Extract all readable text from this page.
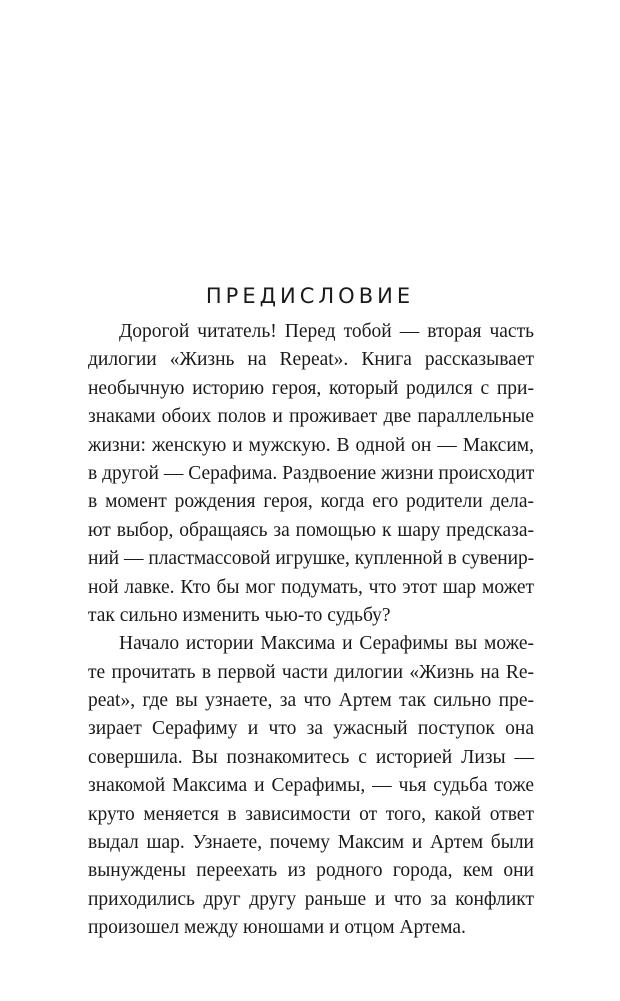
ПРЕДИСЛОВИЕ

Дорогой читатель! Перед тобой — вторая часть
дилогии «Жизнь на Repeat». Книга рассказывает
необычную историю героя, который родился с при-
знаками обоих полов и проживает две параллельные
жизни: женскую и мужскую. В одной он — Максим,
в другой — Серафима. Раздвоение жизни происходит
в момент рождения героя, когда его родители дела-
ют выбор, обращаясь за помощью к шару предсказа-
ний — пластмассовой игрушке, купленной в сувенир-
ной лавке. Кто бы мог подумать, что этот шар может
так сильно изменить чью-то судьбу?

Начало истории Максима и Серафимы вы може-
те прочитать в первой части дилогии «Жизнь на Re-
peat», где вы узнаете, за что Артем так сильно пре-
зирает Серафиму и что за ужасный поступок она
совершила. Вы познакомитесь с историей Лизы —
знакомой Максима и Серафимы, — чья судьба тоже
круто меняется в зависимости от того, какой ответ
выдал шар. Узнаете, почему Максим и Артем были
вынуждены переехать из родного города, кем они
приходились друг другу раньше и что за конфликт
произошел между юношами и отцом Артема.
